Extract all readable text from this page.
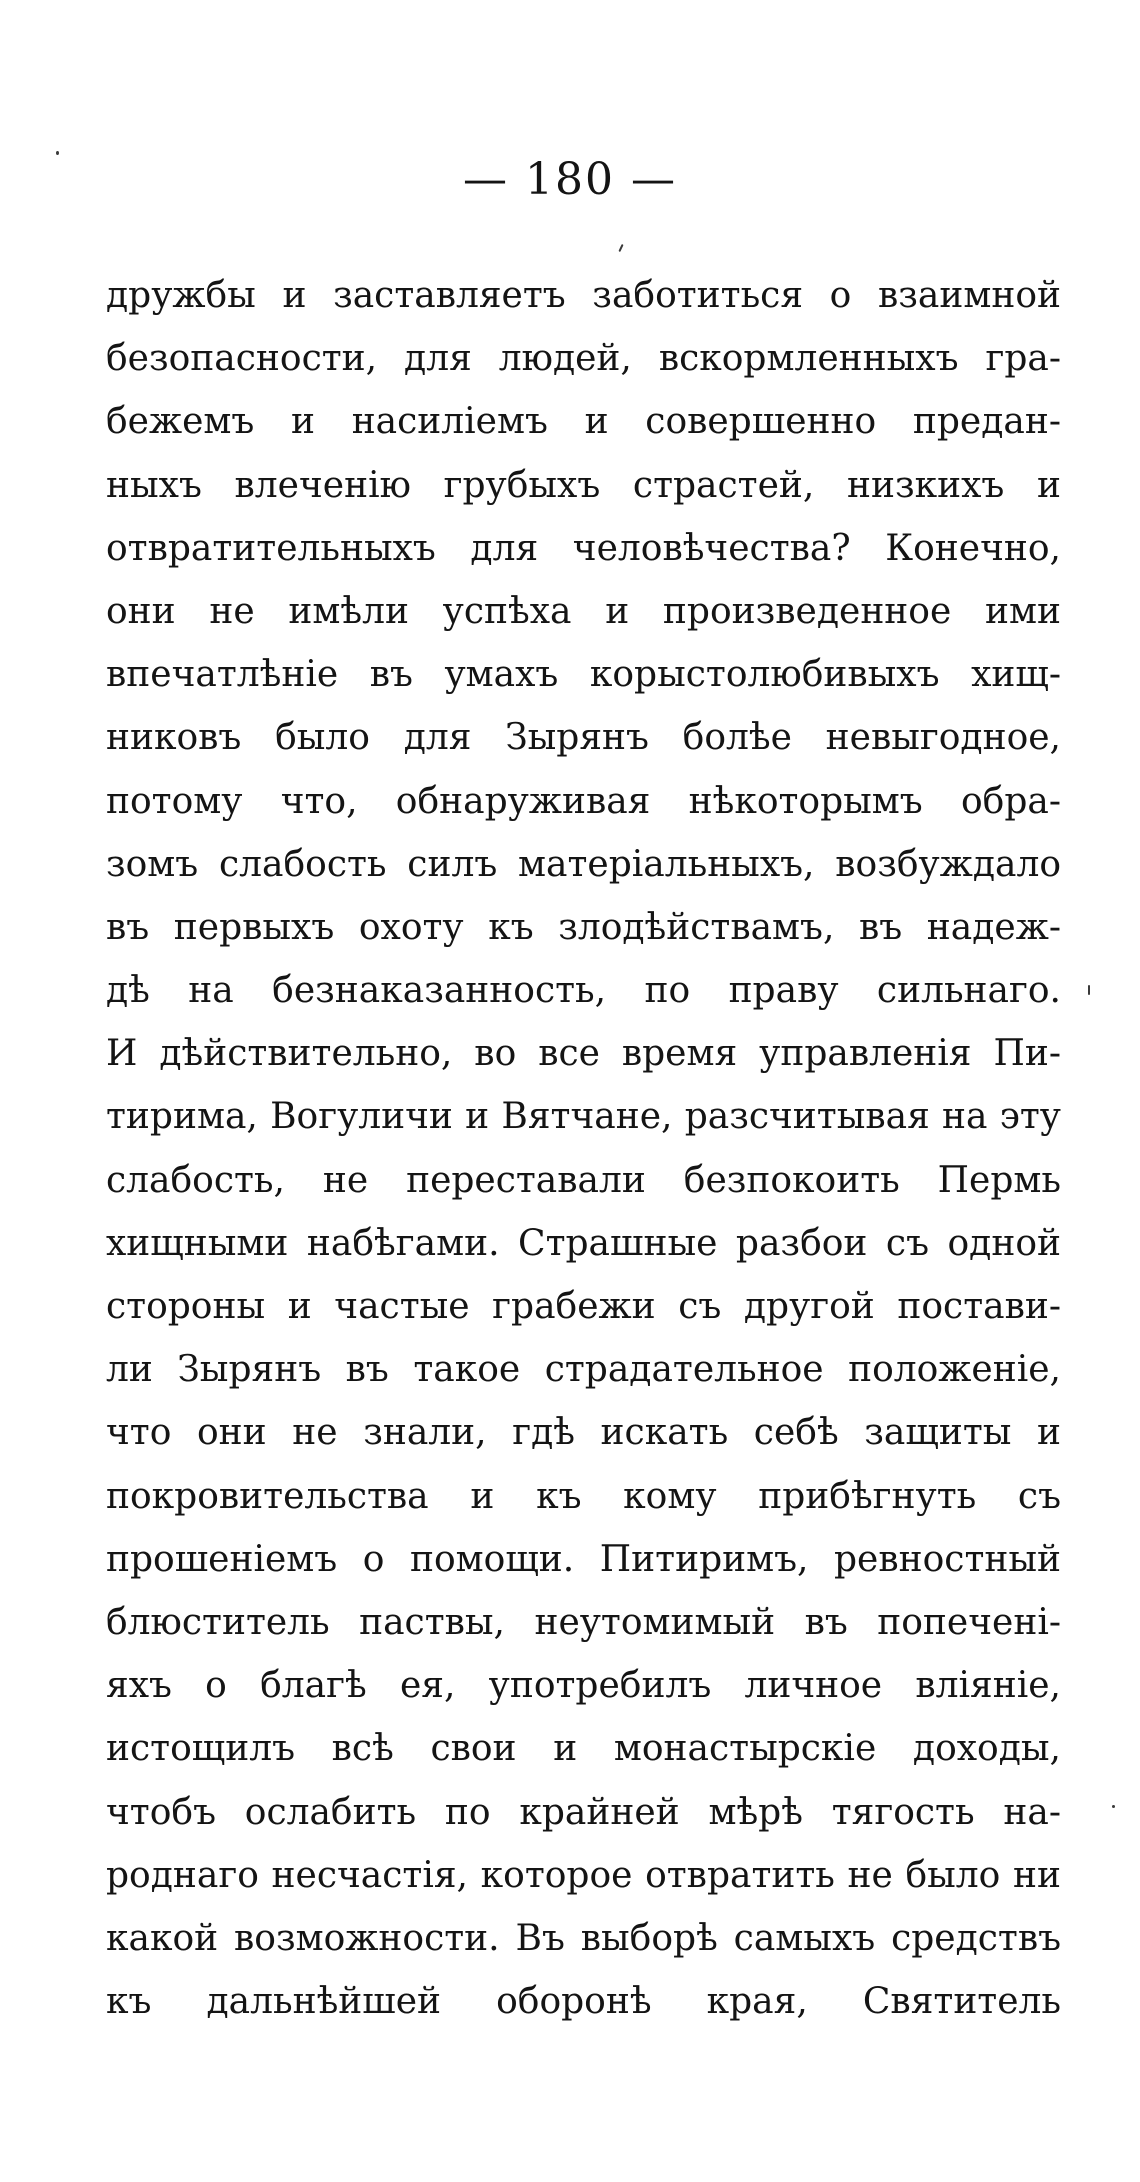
— 180 —
дружбы и заставляетъ заботиться о взаимной
безопасности, для людей, вскормленныхъ гра-
бежемъ и насиліемъ и совершенно предан-
ныхъ влеченію грубыхъ страстей, низкихъ и
отвратительныхъ для человѣчества? Конечно,
они не имѣли успѣха и произведенное ими
впечатлѣніе въ умахъ корыстолюбивыхъ хищ-
никовъ было для Зырянъ болѣе невыгодное,
потому что, обнаруживая нѣкоторымъ обра-
зомъ слабость силъ матеріальныхъ, возбуждало
въ первыхъ охоту къ злодѣйствамъ, въ надеж-
дѣ на безнаказанность, по праву сильнаго.
И дѣйствительно, во все время управленія Пи-
тирима, Вогуличи и Вятчане, разсчитывая на эту
слабость, не переставали безпокоить Пермь
хищными набѣгами. Страшные разбои съ одной
стороны и частые грабежи съ другой постави-
ли Зырянъ въ такое страдательное положеніе,
что они не знали, гдѣ искать себѣ защиты и
покровительства и къ кому прибѣгнуть съ
прошеніемъ о помощи. Питиримъ, ревностный
блюститель паствы, неутомимый въ попеченi-
яхъ о благѣ ея, употребилъ личное вліяніе,
истощилъ всѣ свои и монастырскіе доходы,
чтобъ ослабить по крайней мѣрѣ тягость на-
роднаго несчастія, которое отвратить не было ни
какой возможности. Въ выборѣ самыхъ средствъ
къ дальнѣйшей оборонѣ края, Святитель
